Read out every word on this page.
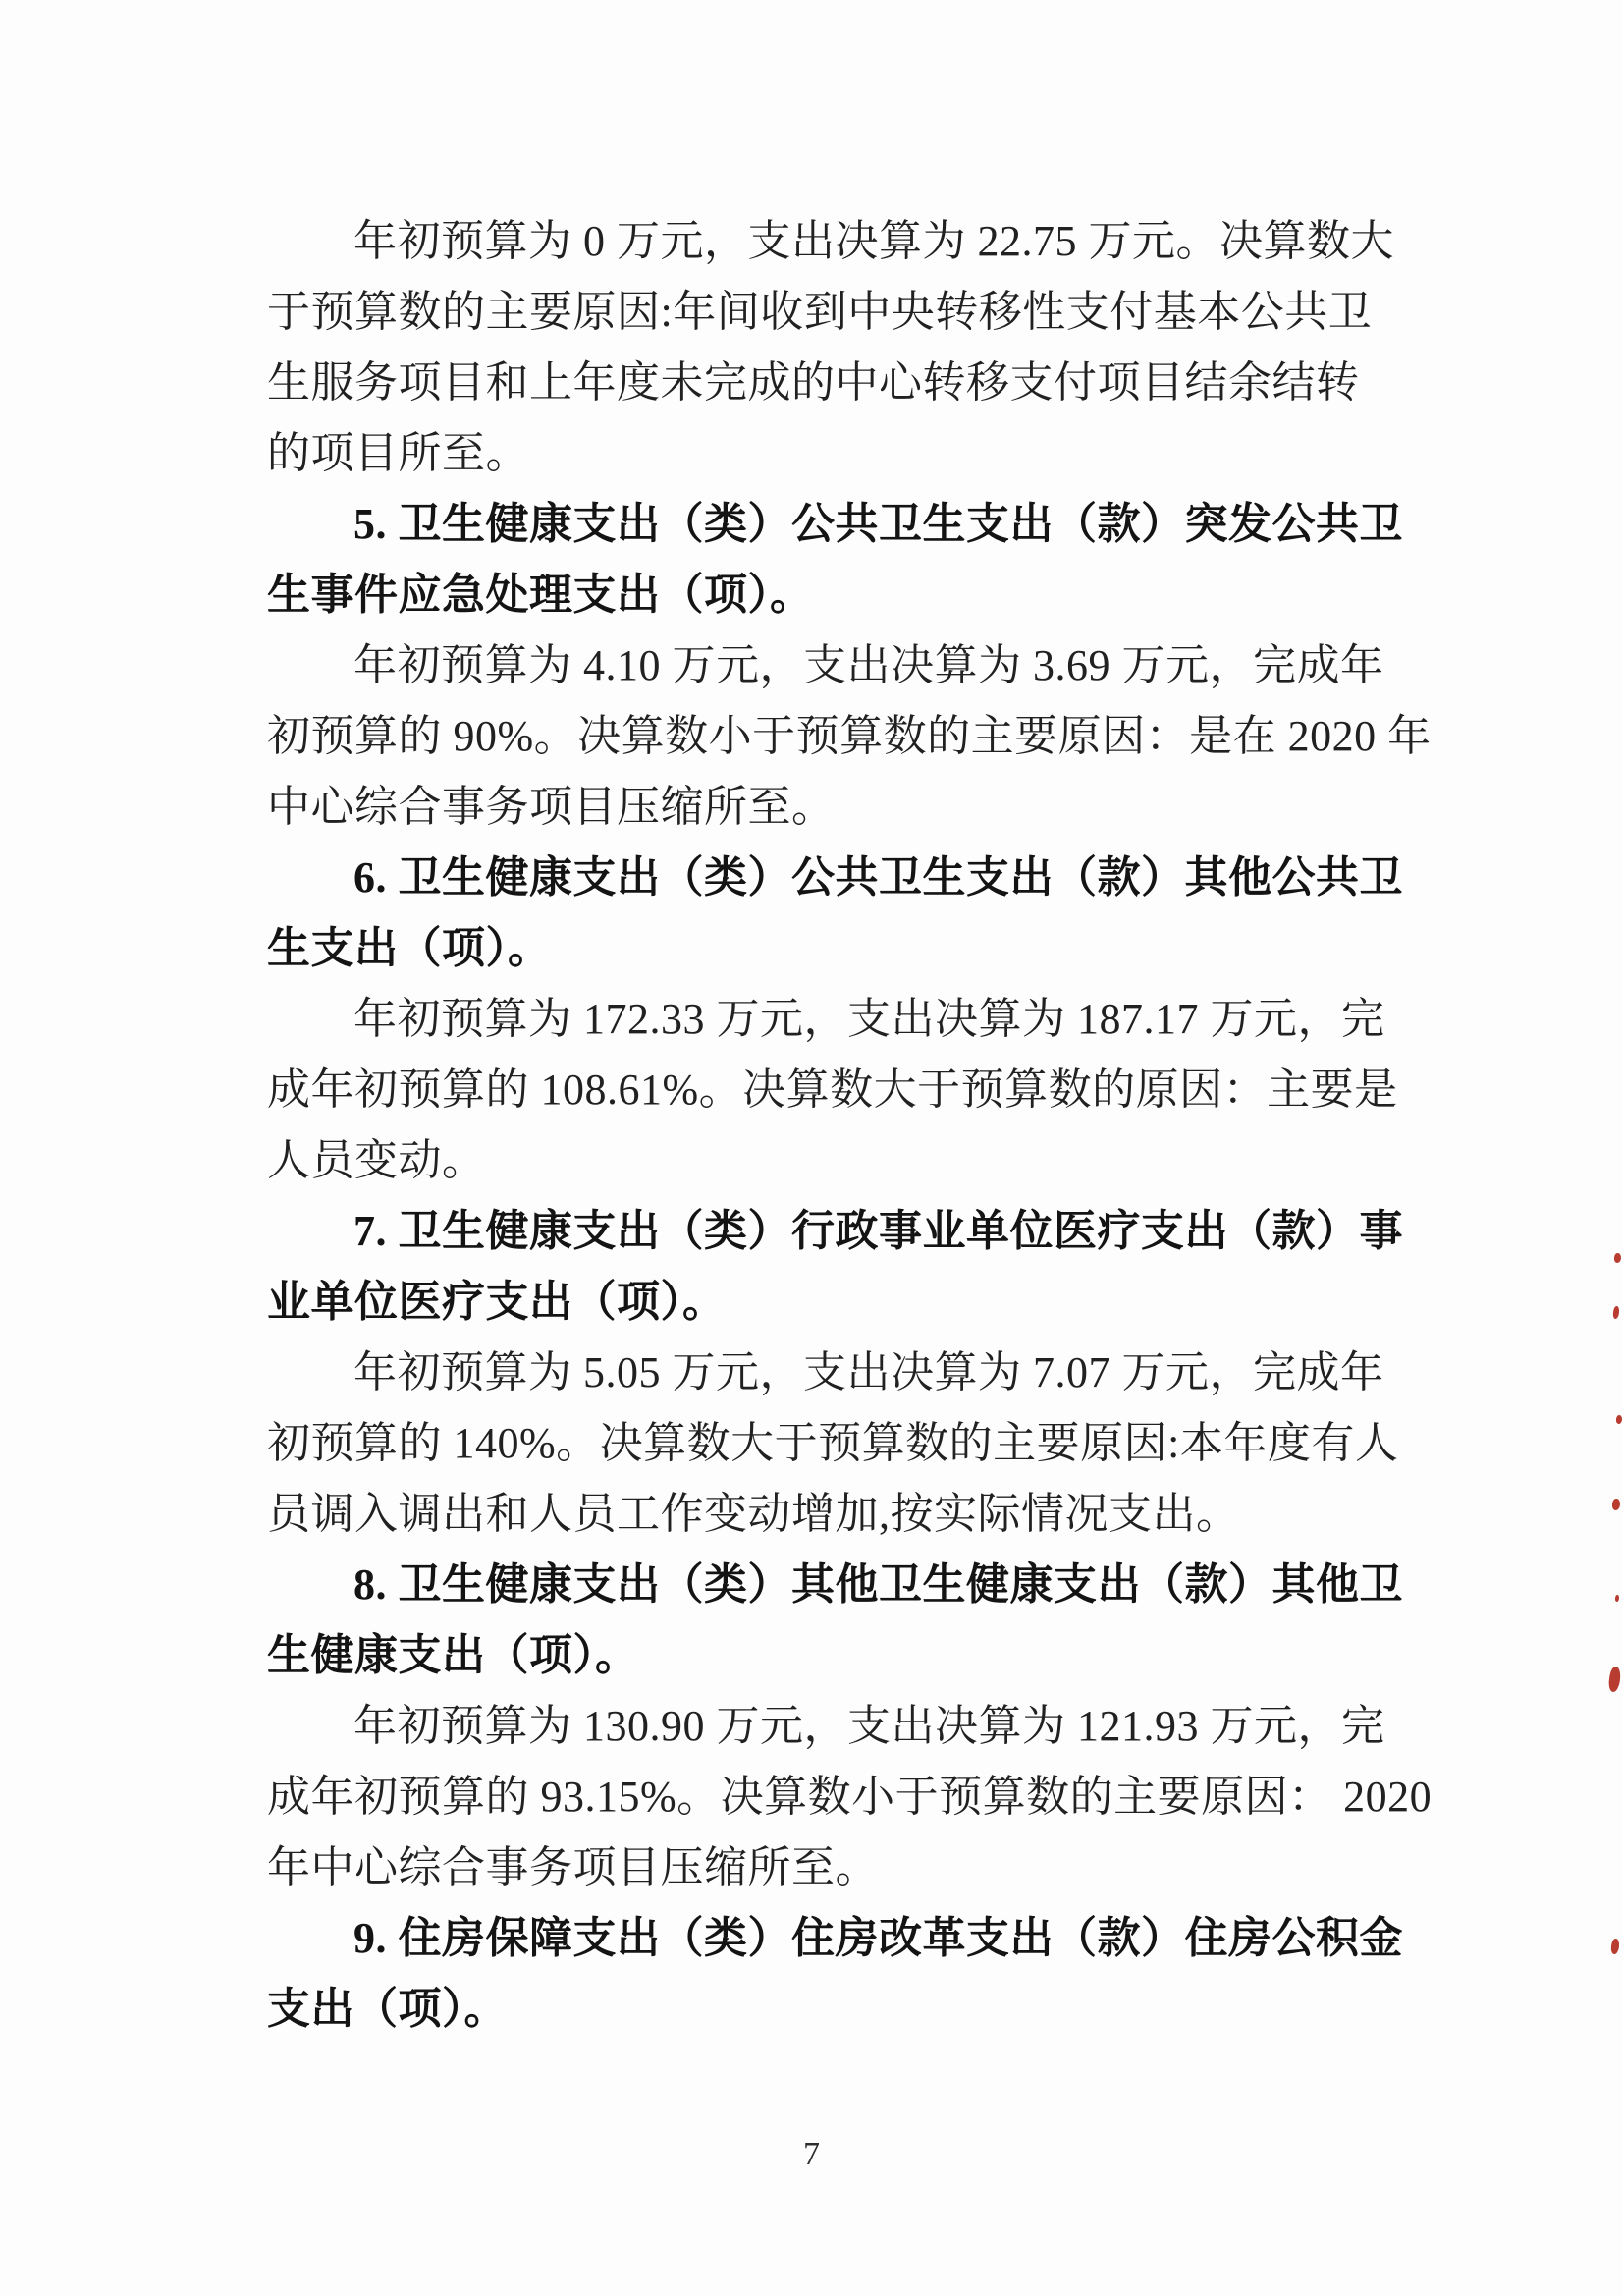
年初预算为 0 万元，支出决算为 22.75 万元。决算数大
于预算数的主要原因:年间收到中央转移性支付基本公共卫
生服务项目和上年度未完成的中心转移支付项目结余结转
的项目所至。
5. 卫生健康支出（类）公共卫生支出（款）突发公共卫
生事件应急处理支出（项）。
年初预算为 4.10 万元，支出决算为 3.69 万元，完成年
初预算的 90%。决算数小于预算数的主要原因：是在 2020 年
中心综合事务项目压缩所至。
6. 卫生健康支出（类）公共卫生支出（款）其他公共卫
生支出（项）。
年初预算为 172.33 万元，支出决算为 187.17 万元，完
成年初预算的 108.61%。决算数大于预算数的原因：主要是
人员变动。
7. 卫生健康支出（类）行政事业单位医疗支出（款）事
业单位医疗支出（项）。
年初预算为 5.05 万元，支出决算为 7.07 万元，完成年
初预算的 140%。决算数大于预算数的主要原因:本年度有人
员调入调出和人员工作变动增加,按实际情况支出。
8. 卫生健康支出（类）其他卫生健康支出（款）其他卫
生健康支出（项）。
年初预算为 130.90 万元，支出决算为 121.93 万元，完
成年初预算的 93.15%。决算数小于预算数的主要原因： 2020
年中心综合事务项目压缩所至。
9. 住房保障支出（类）住房改革支出（款）住房公积金
支出（项）。
7
